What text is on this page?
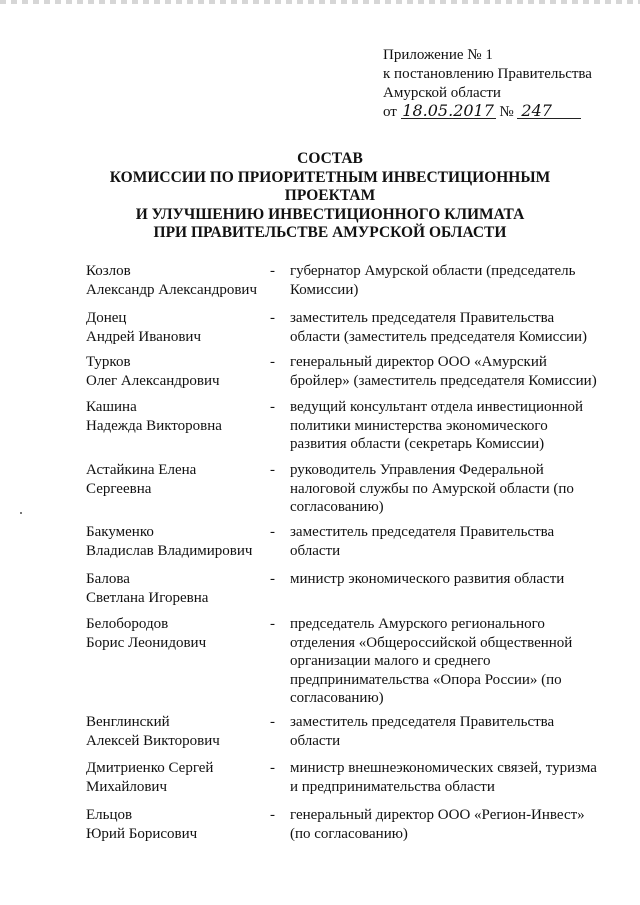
Приложение № 1
к постановлению Правительства
Амурской области
от 18.05.2017 № 247
СОСТАВ
КОМИССИИ ПО ПРИОРИТЕТНЫМ ИНВЕСТИЦИОННЫМ
ПРОЕКТАМ
И УЛУЧШЕНИЮ ИНВЕСТИЦИОННОГО КЛИМАТА
ПРИ ПРАВИТЕЛЬСТВЕ АМУРСКОЙ ОБЛАСТИ
Козлов
Александр Александрович
- губернатор Амурской области (председатель
Комиссии)
Донец
Андрей Иванович
- заместитель председателя Правительства
области (заместитель председателя Комиссии)
Турков
Олег Александрович
- генеральный директор ООО «Амурский
бройлер» (заместитель председателя Комиссии)
Кашина
Надежда Викторовна
- ведущий консультант отдела инвестиционной
политики министерства экономического
развития области (секретарь Комиссии)
Астайкина Елена
Сергеевна
- руководитель Управления Федеральной
налоговой службы по Амурской области (по
согласованию)
Бакуменко
Владислав Владимирович
- заместитель председателя Правительства
области
Балова
Светлана Игоревна
- министр экономического развития области
Белобородов
Борис Леонидович
- председатель Амурского регионального
отделения «Общероссийской общественной
организации малого и среднего
предпринимательства «Опора России» (по
согласованию)
Венглинский
Алексей Викторович
- заместитель председателя Правительства
области
Дмитриенко Сергей
Михайлович
- министр внешнеэкономических связей, туризма
и предпринимательства области
Ельцов
Юрий Борисович
- генеральный директор ООО «Регион-Инвест»
(по согласованию)
